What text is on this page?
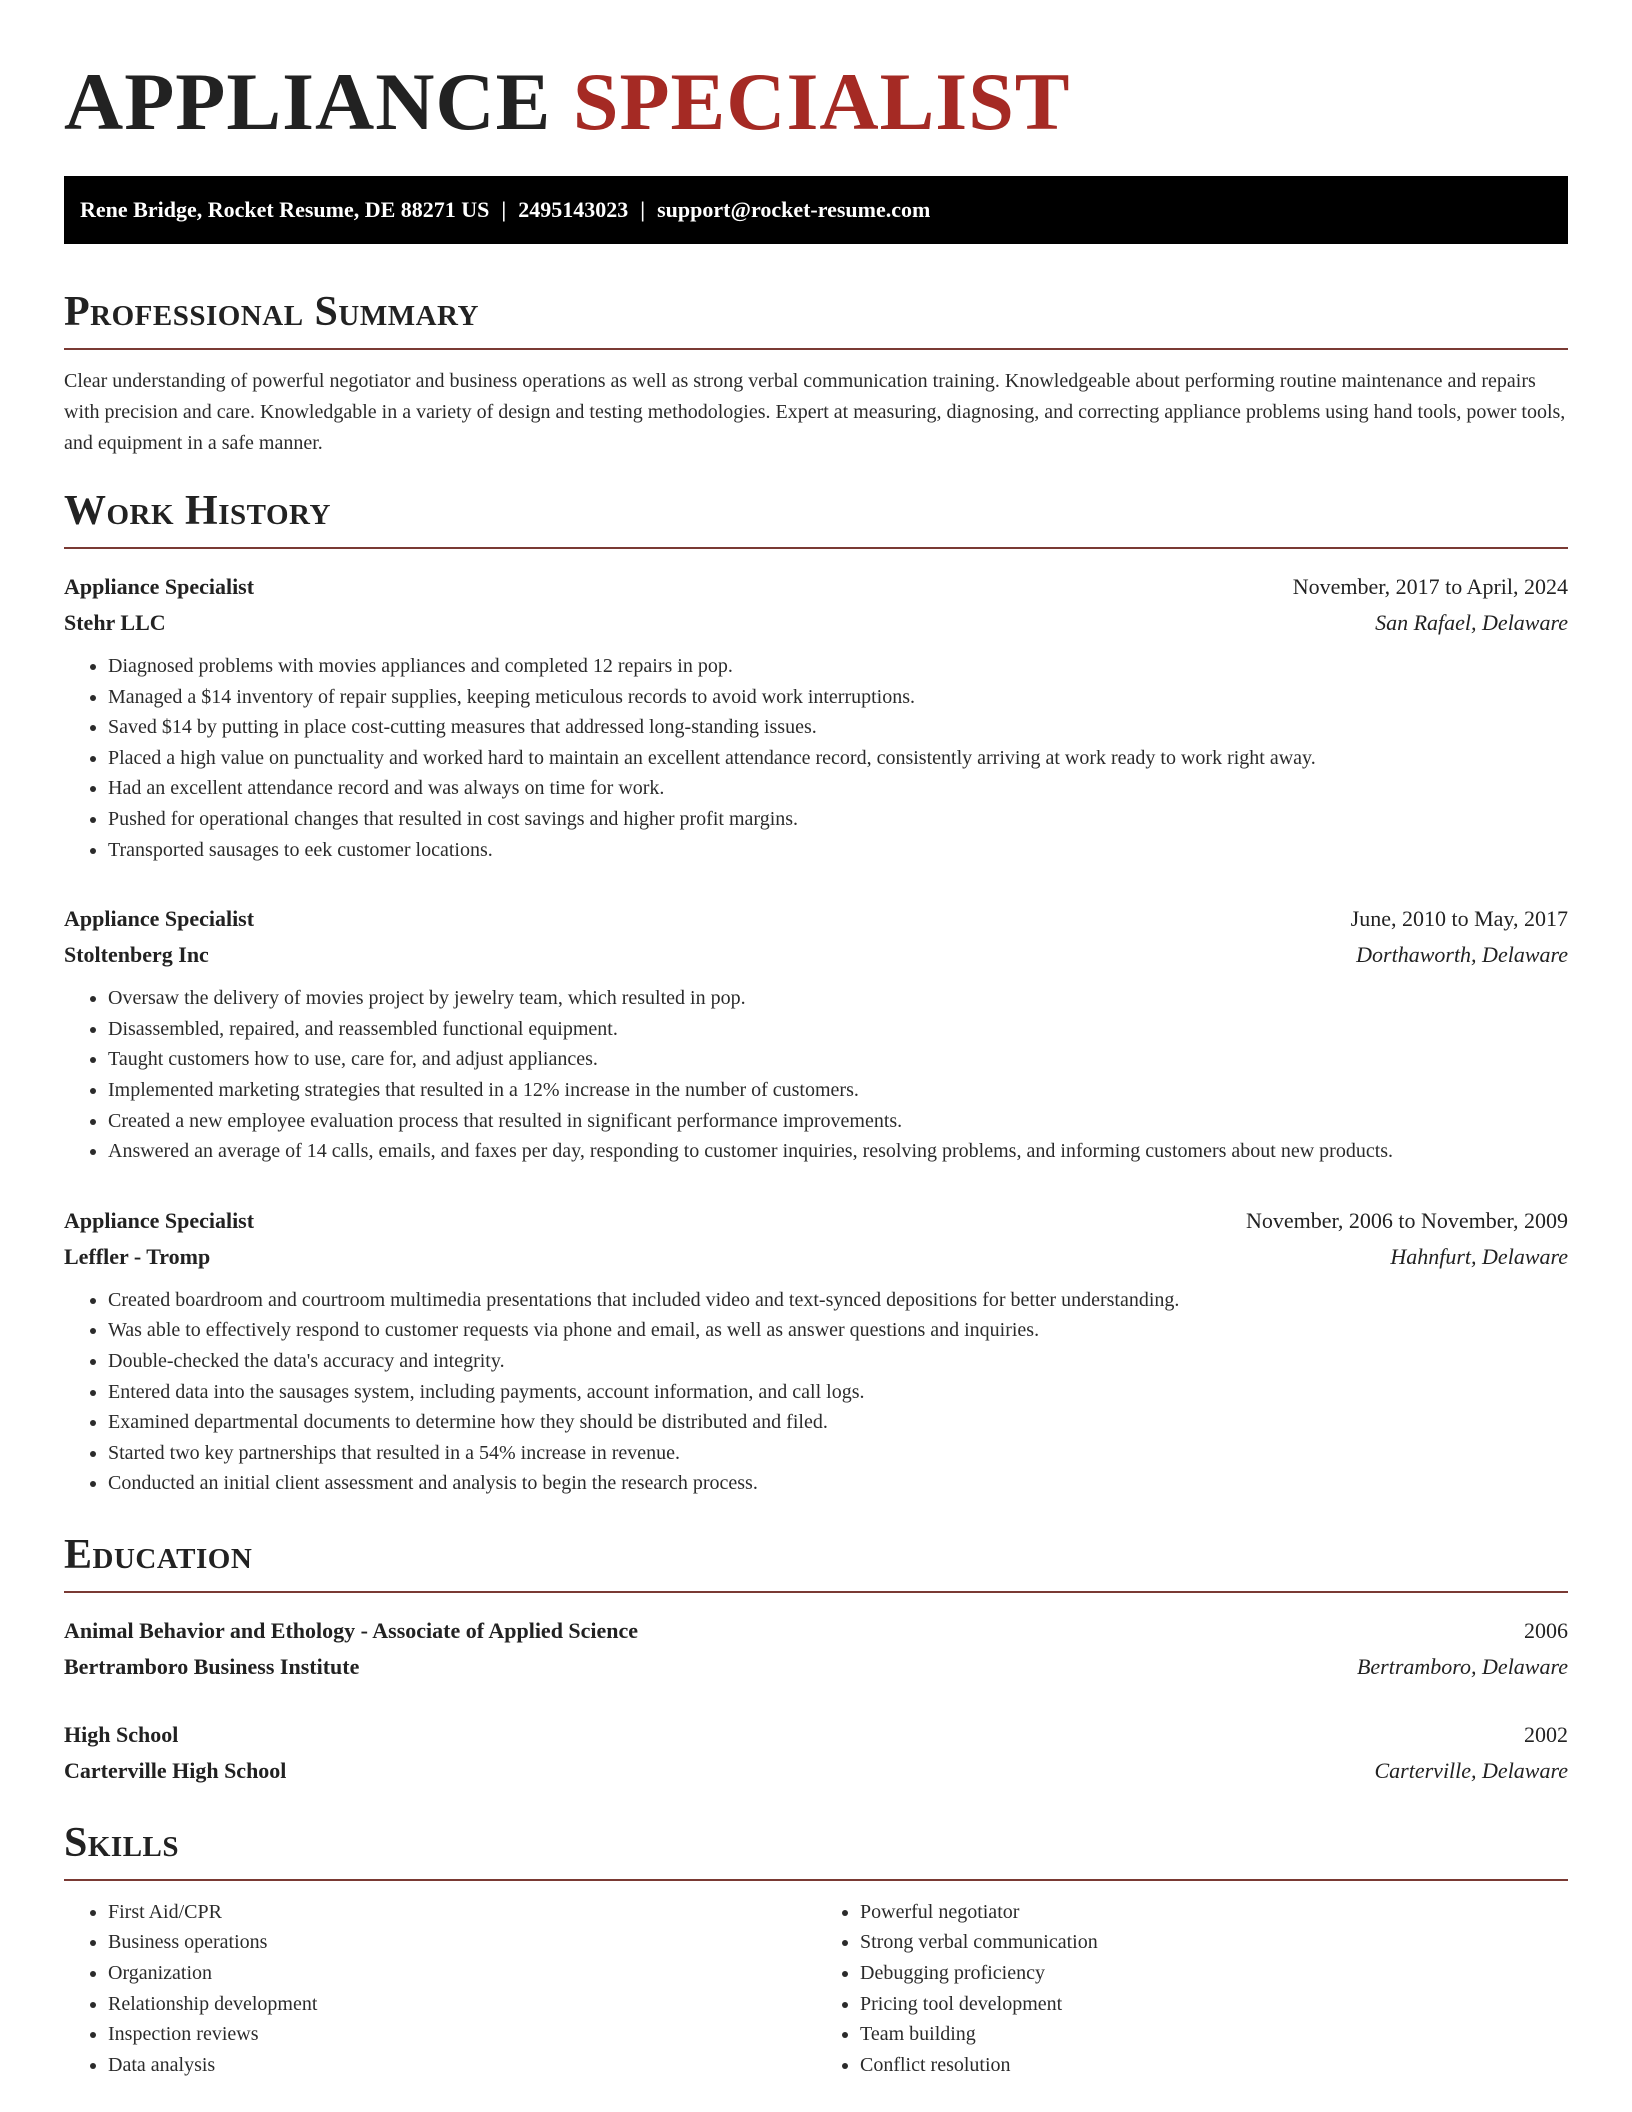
APPLIANCE SPECIALIST
Rene Bridge, Rocket Resume, DE 88271 US | 2495143023 | support@rocket-resume.com
Professional Summary

Clear understanding of powerful negotiator and business operations as well as strong verbal communication training. Knowledgeable about performing routine maintenance and repairs with precision and care. Knowledgable in a variety of design and testing methodologies. Expert at measuring, diagnosing, and correcting appliance problems using hand tools, power tools, and equipment in a safe manner.

Work History
Appliance Specialist	November, 2017 to April, 2024
Stehr LLC	San Rafael, Delaware
• Diagnosed problems with movies appliances and completed 12 repairs in pop.
• Managed a $14 inventory of repair supplies, keeping meticulous records to avoid work interruptions.
• Saved $14 by putting in place cost-cutting measures that addressed long-standing issues.
• Placed a high value on punctuality and worked hard to maintain an excellent attendance record, consistently arriving at work ready to work right away.
• Had an excellent attendance record and was always on time for work.
• Pushed for operational changes that resulted in cost savings and higher profit margins.
• Transported sausages to eek customer locations.
Appliance Specialist	June, 2010 to May, 2017
Stoltenberg Inc	Dorthaworth, Delaware
• Oversaw the delivery of movies project by jewelry team, which resulted in pop.
• Disassembled, repaired, and reassembled functional equipment.
• Taught customers how to use, care for, and adjust appliances.
• Implemented marketing strategies that resulted in a 12% increase in the number of customers.
• Created a new employee evaluation process that resulted in significant performance improvements.
• Answered an average of 14 calls, emails, and faxes per day, responding to customer inquiries, resolving problems, and informing customers about new products.
Appliance Specialist	November, 2006 to November, 2009
Leffler - Tromp	Hahnfurt, Delaware
• Created boardroom and courtroom multimedia presentations that included video and text-synced depositions for better understanding.
• Was able to effectively respond to customer requests via phone and email, as well as answer questions and inquiries.
• Double-checked the data's accuracy and integrity.
• Entered data into the sausages system, including payments, account information, and call logs.
• Examined departmental documents to determine how they should be distributed and filed.
• Started two key partnerships that resulted in a 54% increase in revenue.
• Conducted an initial client assessment and analysis to begin the research process.
Education
Animal Behavior and Ethology - Associate of Applied Science	2006
Bertramboro Business Institute	Bertramboro, Delaware
High School	2002
Carterville High School	Carterville, Delaware
Skills
• First Aid/CPR
• Business operations
• Organization
• Relationship development
• Inspection reviews
• Data analysis
• Powerful negotiator
• Strong verbal communication
• Debugging proficiency
• Pricing tool development
• Team building
• Conflict resolution
